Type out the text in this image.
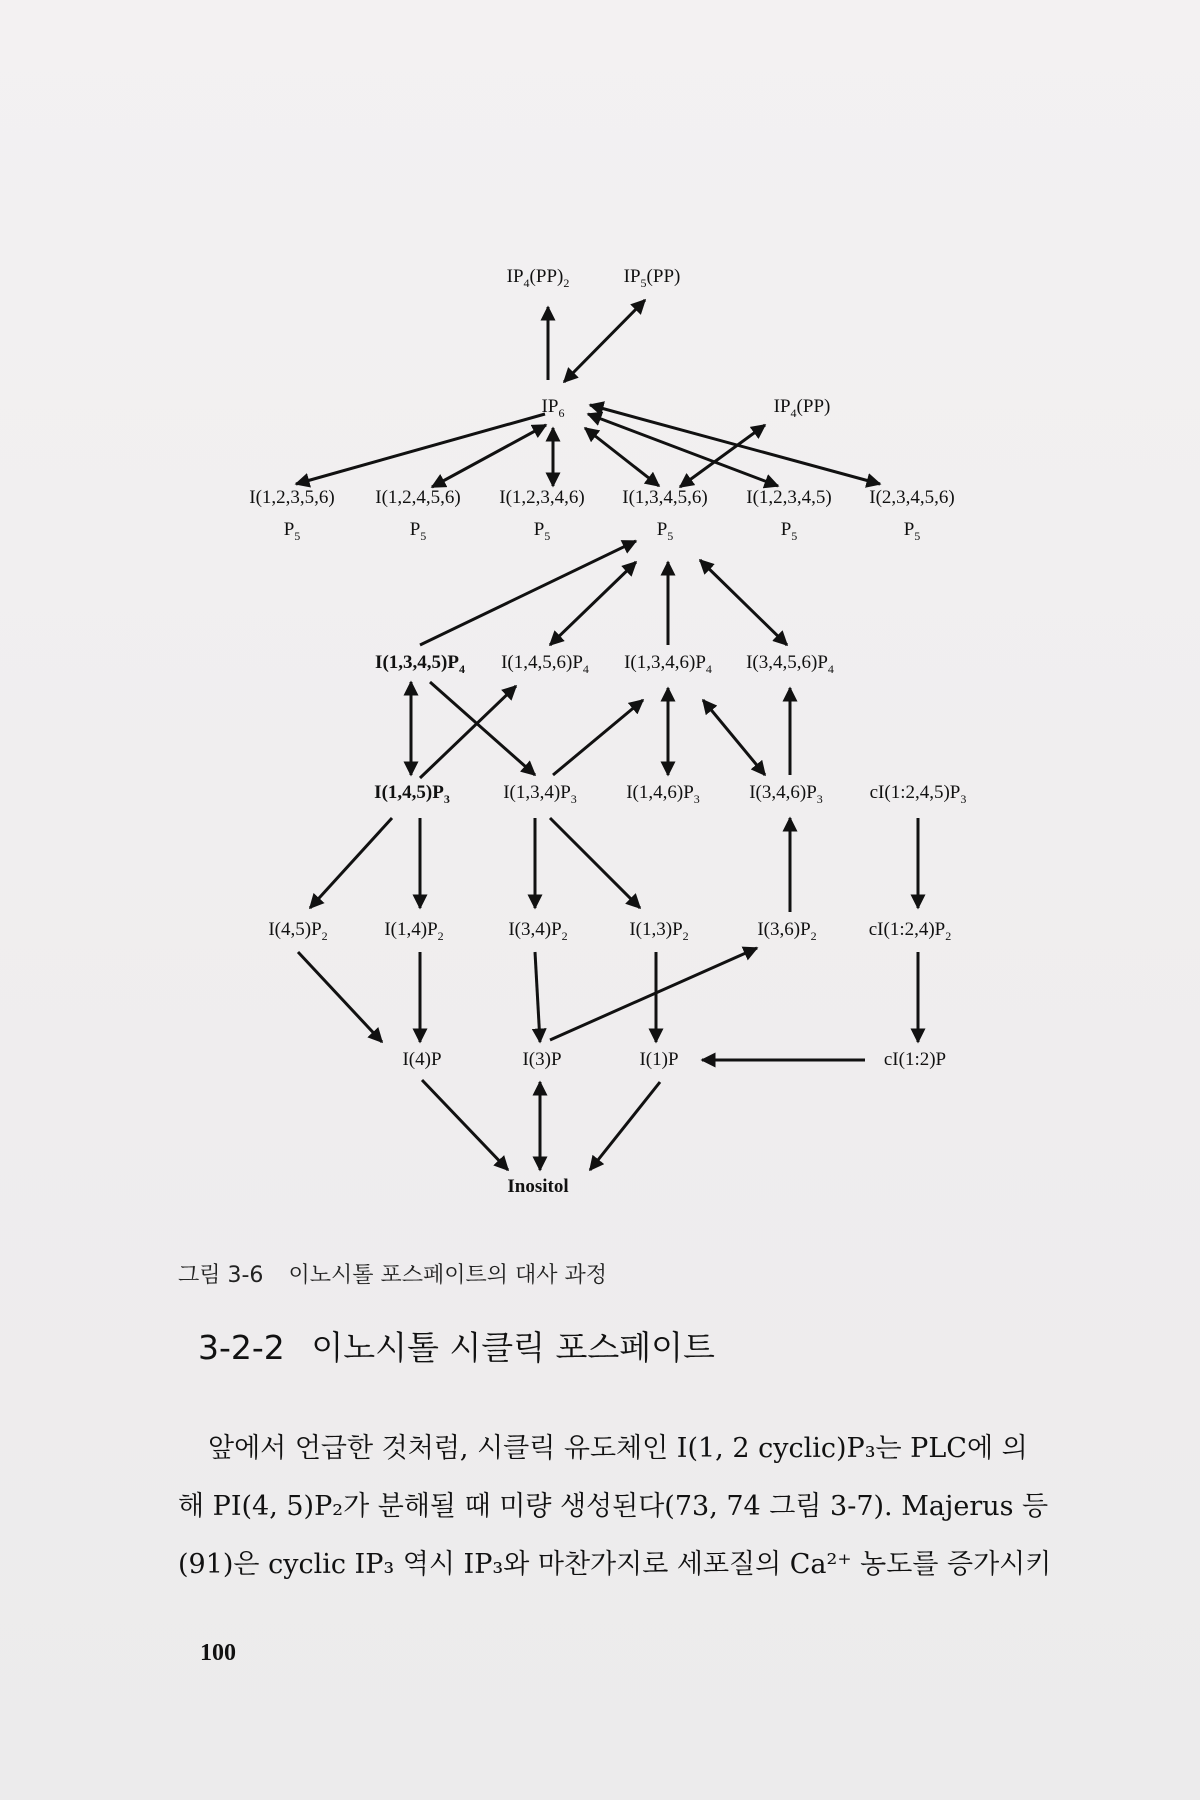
$IP_4(PP)_2$	$IP_5(PP)$
$IP_6$	$IP_4(PP)$
I(1,2,3,5,6)
$P_5$
I(1,2,4,5,6)
$P_5$
I(1,2,3,4,6)
$P_5$
I(1,3,4,5,6)
$P_5$
I(1,2,3,4,5)
$P_5$
I(2,3,4,5,6)
$P_5$
$I(1,3,4,5)P_4$ $I(1,4,5,6)P_4$ $I(1,3,4,6)P_4$ $I(3,4,5,6)P_4$
$I(1,4,5)P_3$	$I(1,3,4)P_3$	$I(1,4,6)P_3$	$I(3,4,6)P_3$ $cI(1:2,4,5)P_3$
$I(4,5)P_2$	$I(1,4)P_2$	$I(3,4)P_2$	$I(1,3)P_2$	$I(3,6)P_2$	$cI(1:2,4)P_2$
I(4)P	I(3)P	I(1)P	cI(1:2)P
Inositol
그림 3-6 이노시톨 포스페이트의 대사 과정
3-2-2 이노시톨 시클릭 포스페이트
앞에서 언급한 것처럼, 시클릭 유도체인 I(1, 2 cyclic)P₃는 PLC에 의
해 PI(4, 5)P₂가 분해될 때 미량 생성된다(73, 74 그림 3-7). Majerus 등
(91)은 cyclic IP₃ 역시 IP₃와 마찬가지로 세포질의 Ca²⁺ 농도를 증가시키
100
